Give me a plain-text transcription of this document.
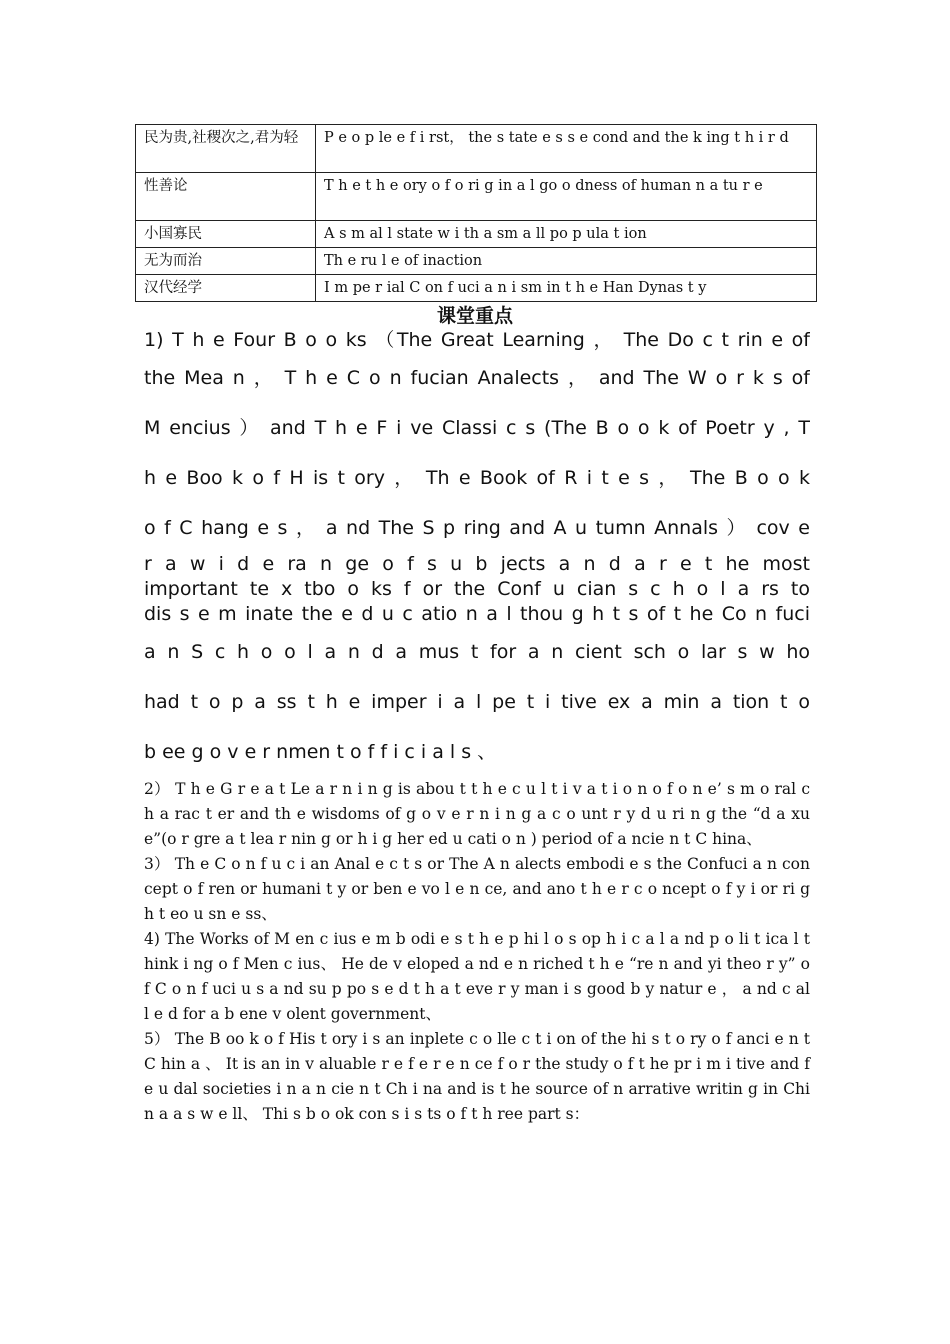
民为贵,社稷次之,君为轻	P e o p le e f i rst， the s tate e s s e cond and the k ing t h i r d
性善论	T h e t h e ory o f o ri g in a l go o dness of human n a tu r e
小国寡民	A s m al l state w i th a sm a ll po p ula t ion
无为而治	Th e ru l e of inaction
汉代经学	I m pe r ial C on f uci a n i sm in t h e Han Dynas t y
课堂重点
1) T h e Four B o o ks （The Great Learning ， The Do c t rin e of
the Mea n ， T h e C o n fucian Analects ， and The W o r k s of
M encius ） and T h e F i ve Classi c s (The B o o k of Poetr y , T
h e Boo k o f H is t ory ， Th e Book of R i t e s ， The B o o k
o f C hang e s ， a nd The S p ring and A u tumn Annals ） cov e
r a w i d e ra n ge o f s u b jects a n d a r e t he most
important te x tbo o ks f or the Conf u cian s c h o l a rs to
dis s e m inate the e d u c atio n a l thou g h t s of t he Co n fuci
a n S c h o o l a n d a mus t for a n cient sch o lar s w ho
had t o p a ss t h e imper i a l pe t i tive ex a min a tion t o
b ee g o v e r nmen t o f f i c i a l s 、

2） T h e G r e a t Le a r n i n g is abou t t h e c u l t i v a t i o n o f o n e’ s m o ral c h a rac t er and th e wisdoms of g o v e r n i n g a c o unt r y d u ri n g the “d a xue”(o r gre a t lea r nin g or h i g her ed u cati o n ) period of a ncie n t C hina、

3） Th e C o n f u c i an Anal e c t s or The A n alects embodi e s the Confuci a n concept o f ren or humani t y or ben e vo l e n ce, and ano t h e r c o ncept o f y i or ri g h t eo u sn e ss、

4) The Works of M en c ius e m b odi e s t h e p hi l o s op h i c a l a nd p o li t ica l think i ng o f Men c ius、 He de v eloped a nd e n riched t h e “re n and yi theo r y” of C o n f uci u s a nd su p po s e d t h a t eve r y man i s good b y natur e ， a nd c al l e d for a b ene v olent government、

5） The B oo k o f His t ory i s an inplete c o lle c t i on of the hi s t o ry o f anci e n t C hin a 、 It is an in v aluable r e f e r e n ce f o r the study o f t he pr i m i tive and fe u dal societies i n a n cie n t Ch i na and is t he source of n arrative writin g in Chin a a s w e ll、 Thi s b o ok con s i s ts o f t h ree part s：
